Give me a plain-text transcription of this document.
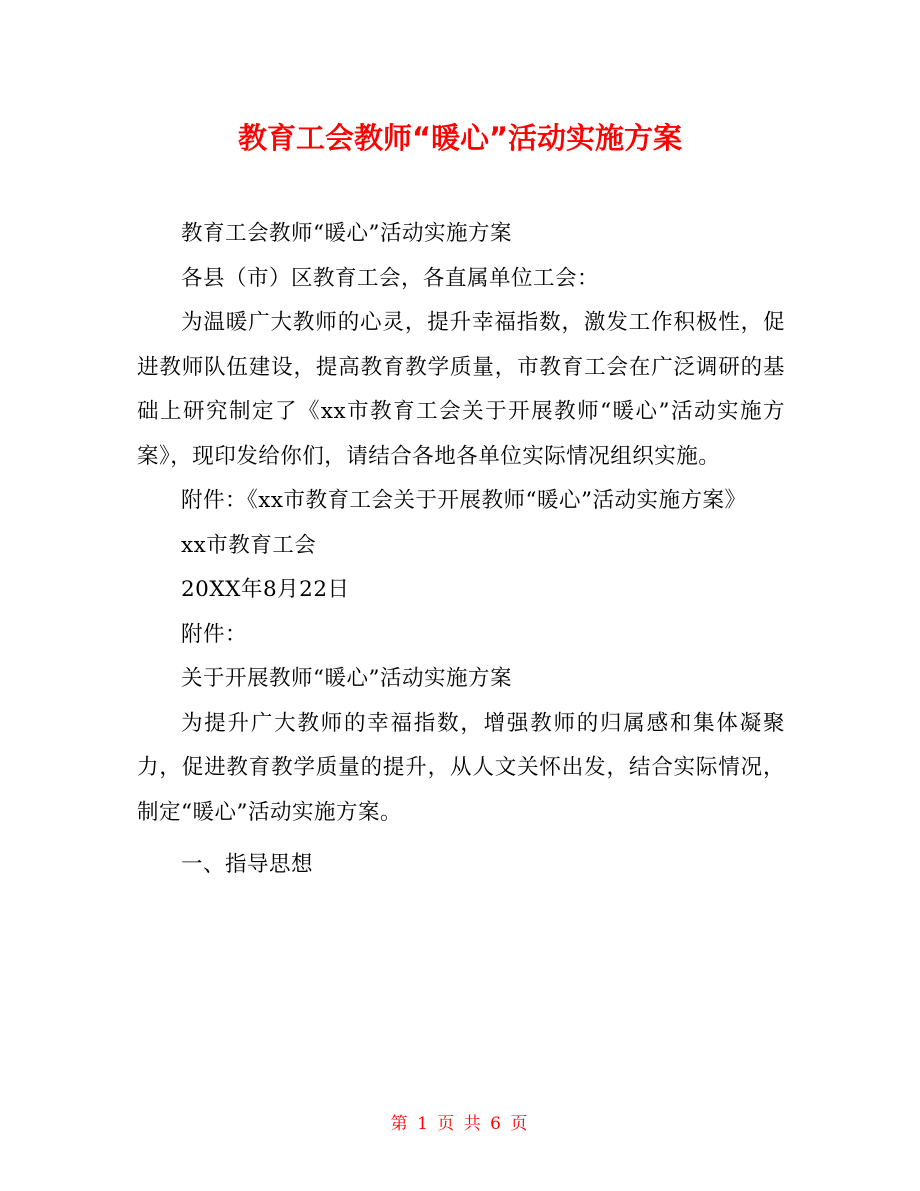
教育工会教师“暖心”活动实施方案

教育工会教师“暖心”活动实施方案

各县（市）区教育工会，各直属单位工会：

为温暖广大教师的心灵，提升幸福指数，激发工作积极性，促进教师队伍建设，提高教育教学质量，市教育工会在广泛调研的基础上研究制定了《xx市教育工会关于开展教师“暖心”活动实施方案》，现印发给你们，请结合各地各单位实际情况组织实施。

附件：《xx市教育工会关于开展教师“暖心”活动实施方案》

xx市教育工会

20XX年8月22日

附件：

关于开展教师“暖心”活动实施方案

为提升广大教师的幸福指数，增强教师的归属感和集体凝聚力，促进教育教学质量的提升，从人文关怀出发，结合实际情况，制定“暖心”活动实施方案。

一、指导思想

第 1 页 共 6 页
